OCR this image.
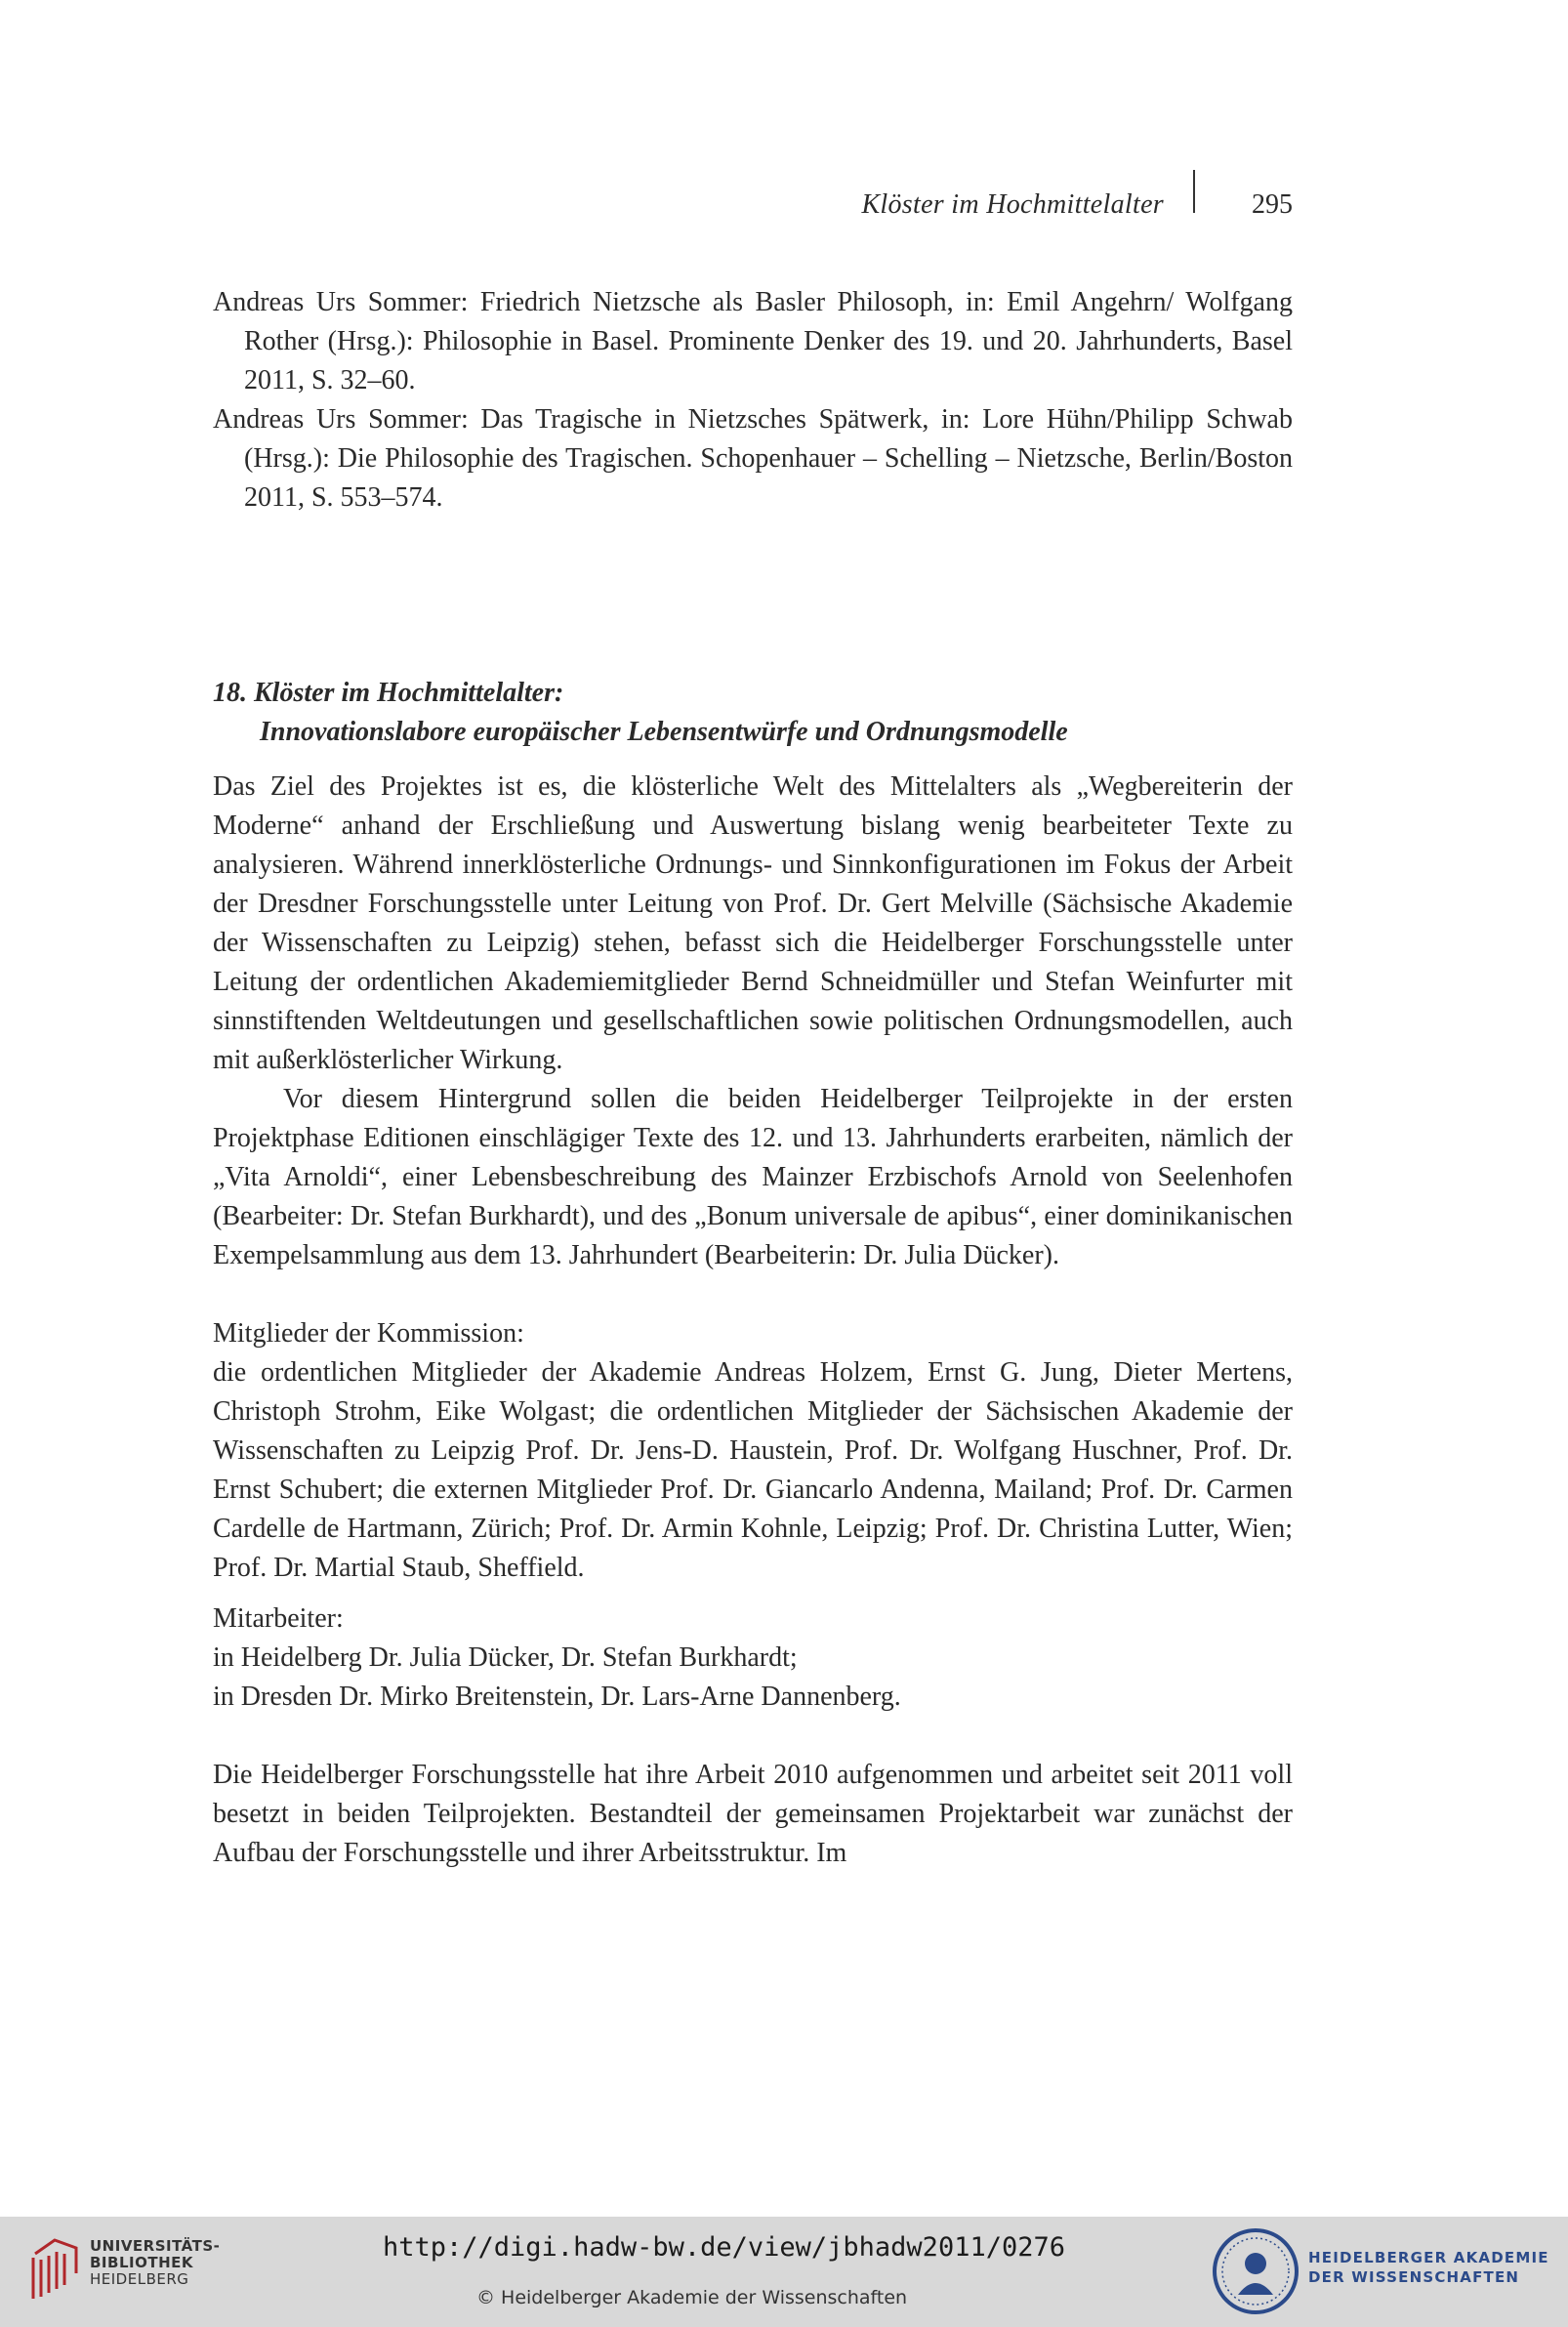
Klöster im Hochmittelalter	295

Andreas Urs Sommer: Friedrich Nietzsche als Basler Philosoph, in: Emil Angehrn/ Wolfgang Rother (Hrsg.): Philosophie in Basel. Prominente Denker des 19. und 20. Jahrhunderts, Basel 2011, S. 32–60.

Andreas Urs Sommer: Das Tragische in Nietzsches Spätwerk, in: Lore Hühn/Philipp Schwab (Hrsg.): Die Philosophie des Tragischen. Schopenhauer – Schelling – Nietzsche, Berlin/Boston 2011, S. 553–574.

18. Klöster im Hochmittelalter:
Innovationslabore europäischer Lebensentwürfe und Ordnungsmodelle

Das Ziel des Projektes ist es, die klösterliche Welt des Mittelalters als „Wegbereiterin der Moderne“ anhand der Erschließung und Auswertung bislang wenig bearbeiteter Texte zu analysieren. Während innerklösterliche Ordnungs- und Sinnkonfigurationen im Fokus der Arbeit der Dresdner Forschungsstelle unter Leitung von Prof. Dr. Gert Melville (Sächsische Akademie der Wissenschaften zu Leipzig) stehen, befasst sich die Heidelberger Forschungsstelle unter Leitung der ordentlichen Akademiemitglieder Bernd Schneidmüller und Stefan Weinfurter mit sinnstiftenden Weltdeutungen und gesellschaftlichen sowie politischen Ordnungsmodellen, auch mit außerklösterlicher Wirkung.

Vor diesem Hintergrund sollen die beiden Heidelberger Teilprojekte in der ersten Projektphase Editionen einschlägiger Texte des 12. und 13. Jahrhunderts erarbeiten, nämlich der „Vita Arnoldi“, einer Lebensbeschreibung des Mainzer Erzbischofs Arnold von Seelenhofen (Bearbeiter: Dr. Stefan Burkhardt), und des „Bonum universale de apibus“, einer dominikanischen Exempelsammlung aus dem 13. Jahrhundert (Bearbeiterin: Dr. Julia Dücker).

Mitglieder der Kommission:

die ordentlichen Mitglieder der Akademie Andreas Holzem, Ernst G. Jung, Dieter Mertens, Christoph Strohm, Eike Wolgast; die ordentlichen Mitglieder der Sächsischen Akademie der Wissenschaften zu Leipzig Prof. Dr. Jens-D. Haustein, Prof. Dr. Wolfgang Huschner, Prof. Dr. Ernst Schubert; die externen Mitglieder Prof. Dr. Giancarlo Andenna, Mailand; Prof. Dr. Carmen Cardelle de Hartmann, Zürich; Prof. Dr. Armin Kohnle, Leipzig; Prof. Dr. Christina Lutter, Wien; Prof. Dr. Martial Staub, Sheffield.

Mitarbeiter:

in Heidelberg Dr. Julia Dücker, Dr. Stefan Burkhardt;

in Dresden Dr. Mirko Breitenstein, Dr. Lars-Arne Dannenberg.

Die Heidelberger Forschungsstelle hat ihre Arbeit 2010 aufgenommen und arbeitet seit 2011 voll besetzt in beiden Teilprojekten. Bestandteil der gemeinsamen Projektarbeit war zunächst der Aufbau der Forschungsstelle und ihrer Arbeitsstruktur. Im

UNIVERSITÄTS-
BIBLIOTHEK
HEIDELBERG
http://digi.hadw-bw.de/view/jbhadw2011/0276
© Heidelberger Akademie der Wissenschaften
HEIDELBERGER AKADEMIE
DER WISSENSCHAFTEN
